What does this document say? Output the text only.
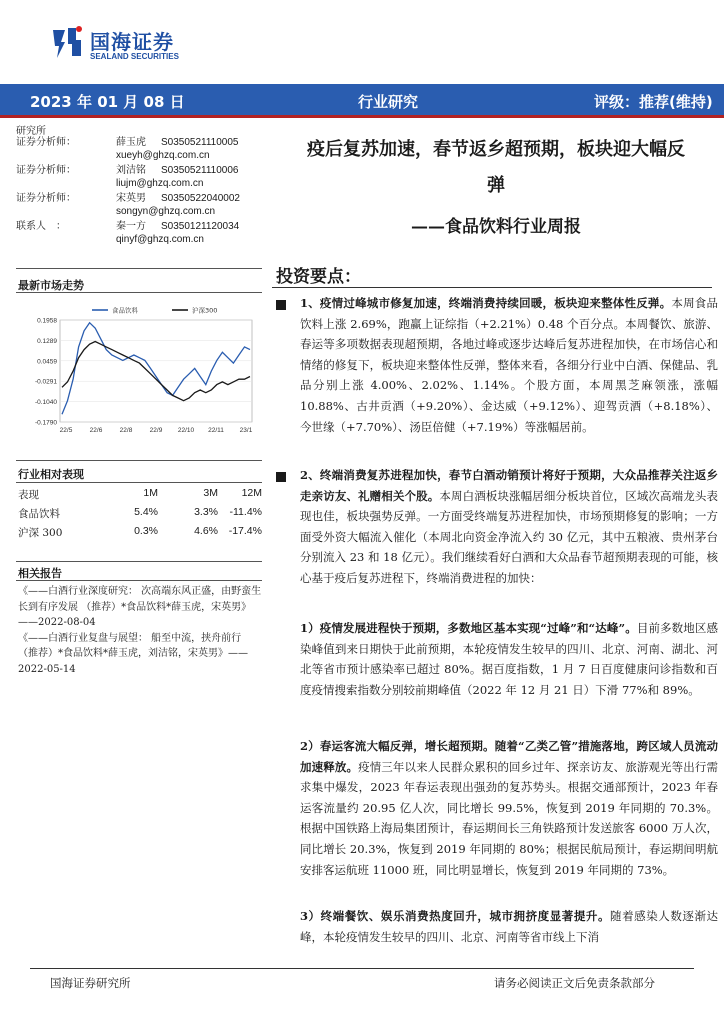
国海证券
SEALAND SECURITIES
2023 年 01 月 08 日	行业研究	评级：推荐(维持)
研究所
证券分析师：	薛玉虎 S0350521110005
xueyh@ghzq.com.cn
证券分析师：	刘洁铭 S0350521110006
liujm@ghzq.com.cn
证券分析师：	宋英男 S0350522040002
songyn@ghzq.com.cn
联系人　：	秦一方 S0350121120034
qinyf@ghzq.com.cn
最新市场走势
0.1958
0.1289
0.0459
-0.0291
-0.1040
-0.1790
22/5	22/6	22/8	22/9 22/10 22/11 23/1
食品饮料	沪深300
行业相对表现
表现	1M	3M	12M
食品饮料	5.4%	3.3%	-11.4%
沪深 300	0.3%	4.6%	-17.4%
相关报告

《——白酒行业深度研究： 次高端东风正盛，由野蛮生长到有序发展 （推荐）*食品饮料*薛玉虎，宋英男》——2022-08-04

《——白酒行业复盘与展望： 船至中流，挟舟前行 （推荐）*食品饮料*薛玉虎，刘洁铭，宋英男》——2022-05-14

疫后复苏加速，春节返乡超预期，板块迎大幅反
弹
——食品饮料行业周报
投资要点：
1、疫情过峰城市修复加速，终端消费持续回暖，板块迎来整体性反弹。本周食品饮料上涨 2.69%，跑赢上证综指（+2.21%）0.48 个百分点。本周餐饮、旅游、春运等多项数据表现超预期，各地过峰或逐步达峰后复苏进程加快，在市场信心和情绪的修复下，板块迎来整体性反弹，整体来看，各细分行业中白酒、保健品、乳品分别上涨 4.00%、2.02%、1.14%。个股方面，本周黑芝麻领涨，涨幅 10.88%、古井贡酒（+9.20%）、金达威（+9.12%）、迎驾贡酒（+8.18%）、今世缘（+7.70%）、汤臣倍健（+7.19%）等涨幅居前。
2、终端消费复苏进程加快，春节白酒动销预计将好于预期，大众品推荐关注返乡走亲访友、礼赠相关个股。本周白酒板块涨幅居细分板块首位，区域次高端龙头表现也佳，板块强势反弹。一方面受终端复苏进程加快，市场预期修复的影响；一方面受外资大幅流入催化（本周北向资金净流入约 30 亿元，其中五粮液、贵州茅台分别流入 23 和 18 亿元）。我们继续看好白酒和大众品春节超预期表现的可能，核心基于疫后复苏进程下，终端消费进程的加快：
1）疫情发展进程快于预期，多数地区基本实现“过峰”和“达峰”。目前多数地区感染峰值到来日期快于此前预期，本轮疫情发生较早的四川、北京、河南、湖北、河北等省市预计感染率已超过 80%。据百度指数，1 月 7 日百度健康问诊指数和百度疫情搜索指数分别较前期峰值（2022 年 12 月 21 日）下滑 77%和 89%。
2）春运客流大幅反弹，增长超预期。随着“乙类乙管”措施落地，跨区域人员流动加速释放。疫情三年以来人民群众累积的回乡过年、探亲访友、旅游观光等出行需求集中爆发，2023 年春运表现出强劲的复苏势头。根据交通部预计，2023 年春运客流量约 20.95 亿人次，同比增长 99.5%，恢复到 2019 年同期的 70.3%。根据中国铁路上海局集团预计，春运期间长三角铁路预计发送旅客 6000 万人次，同比增长 20.3%，恢复到 2019 年同期的 80%；根据民航局预计，春运期间明航安排客运航班 11000 班，同比明显增长，恢复到 2019 年同期的 73%。
3）终端餐饮、娱乐消费热度回升，城市拥挤度显著提升。随着感染人数逐渐达峰，本轮疫情发生较早的四川、北京、河南等省市线上下消
国海证券研究所	请务必阅读正文后免责条款部分
